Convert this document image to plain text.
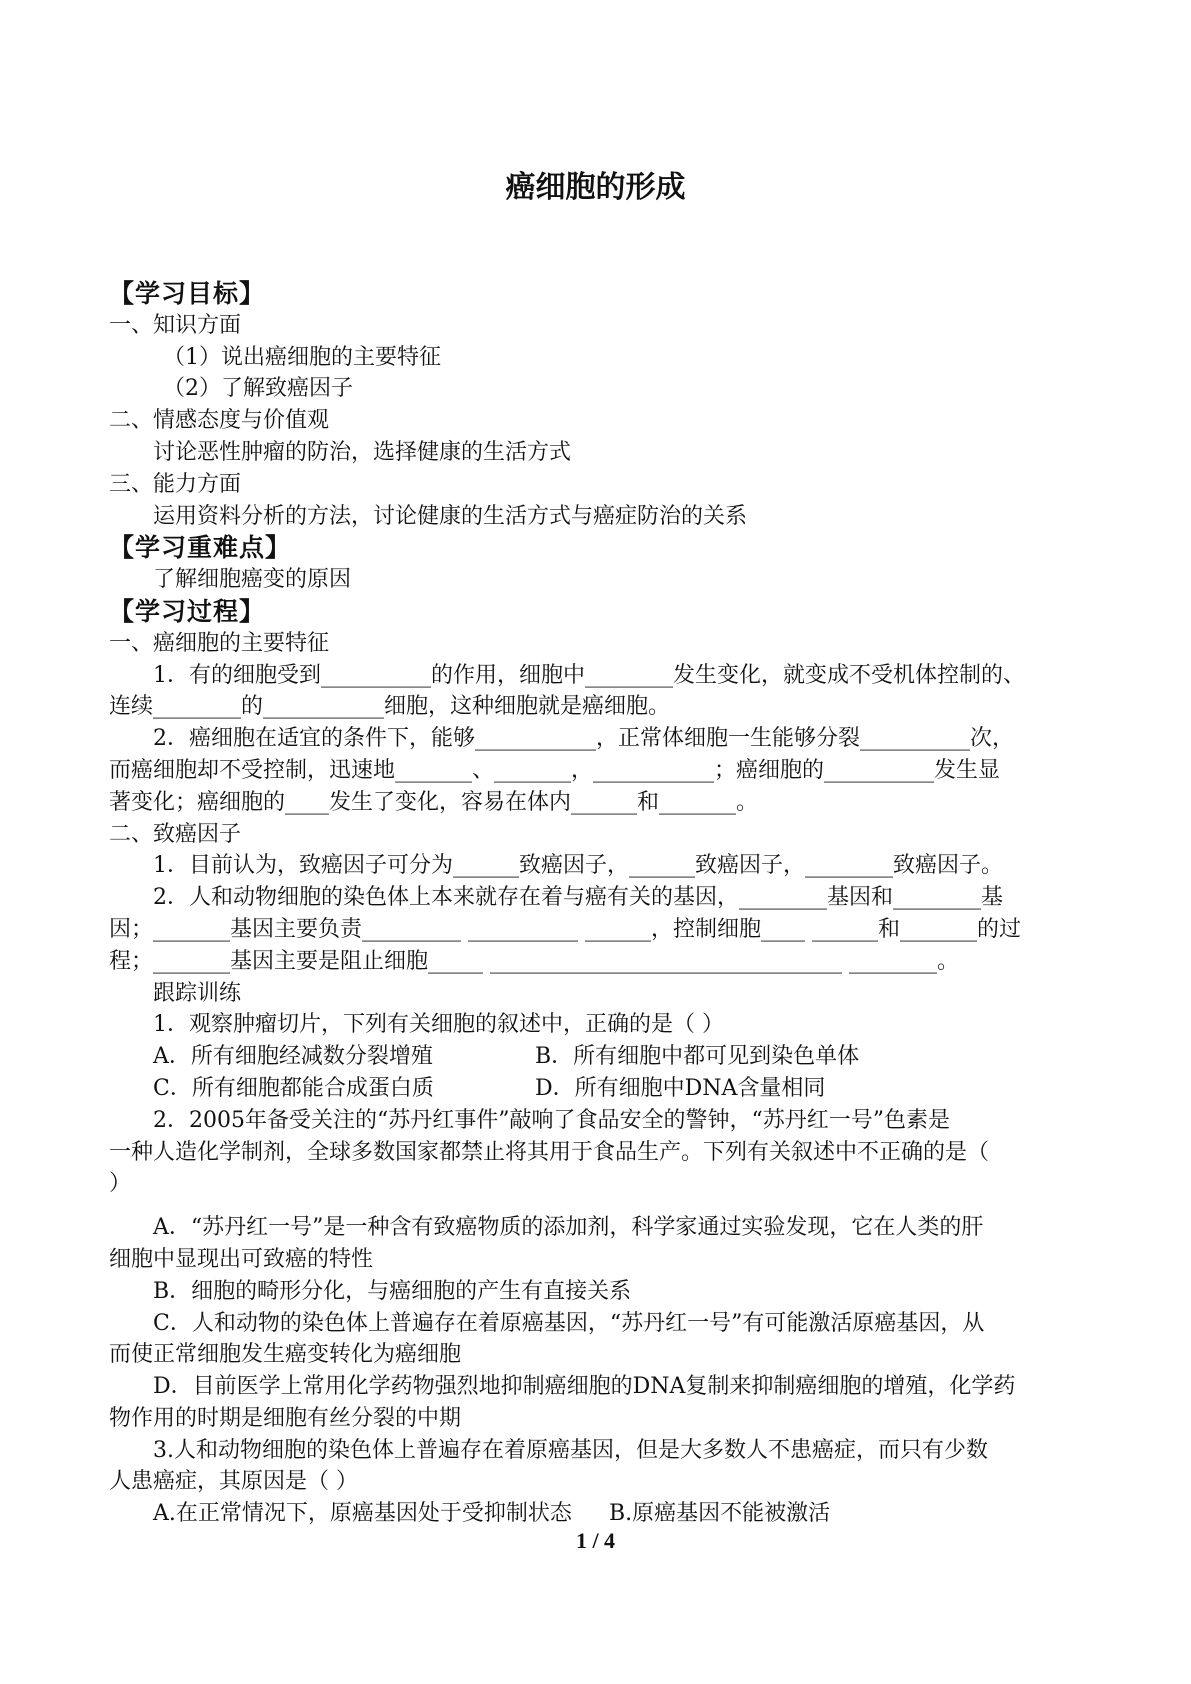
癌细胞的形成
【学习目标】
一、知识方面
（1）说出癌细胞的主要特征
（2）了解致癌因子
二、情感态度与价值观
讨论恶性肿瘤的防治，选择健康的生活方式
三、能力方面
运用资料分析的方法，讨论健康的生活方式与癌症防治的关系
【学习重难点】
了解细胞癌变的原因
【学习过程】
一、癌细胞的主要特征
1．有的细胞受到__________的作用，细胞中________发生变化，就变成不受机体控制的、
连续________的___________细胞，这种细胞就是癌细胞。
2．癌细胞在适宜的条件下，能够___________，正常体细胞一生能够分裂__________次，
而癌细胞却不受控制，迅速地_______、_______，___________；癌细胞的__________发生显
著变化；癌细胞的____发生了变化，容易在体内______和_______。
二、致癌因子
1．目前认为，致癌因子可分为______致癌因子，______致癌因子，________致癌因子。
2．人和动物细胞的染色体上本来就存在着与癌有关的基因，________基因和________基
因；_______基因主要负责_________ __________ ______，控制细胞____ ______和_______的过
程；_______基因主要是阻止细胞_____ ________________________________ ________。
跟踪训练
1．观察肿瘤切片，下列有关细胞的叙述中，正确的是（ ）
A．所有细胞经减数分裂增殖	B．所有细胞中都可见到染色单体
C．所有细胞都能合成蛋白质	D．所有细胞中DNA含量相同
2．2005年备受关注的“苏丹红事件”敲响了食品安全的警钟，“苏丹红一号”色素是
一种人造化学制剂，全球多数国家都禁止将其用于食品生产。下列有关叙述中不正确的是（
）
A．“苏丹红一号”是一种含有致癌物质的添加剂，科学家通过实验发现，它在人类的肝
细胞中显现出可致癌的特性
B．细胞的畸形分化，与癌细胞的产生有直接关系
C．人和动物的染色体上普遍存在着原癌基因，“苏丹红一号”有可能激活原癌基因，从
而使正常细胞发生癌变转化为癌细胞
D．目前医学上常用化学药物强烈地抑制癌细胞的DNA复制来抑制癌细胞的增殖，化学药
物作用的时期是细胞有丝分裂的中期
3.人和动物细胞的染色体上普遍存在着原癌基因，但是大多数人不患癌症，而只有少数
人患癌症，其原因是（ ）
A.在正常情况下，原癌基因处于受抑制状态	B.原癌基因不能被激活
1 / 4
